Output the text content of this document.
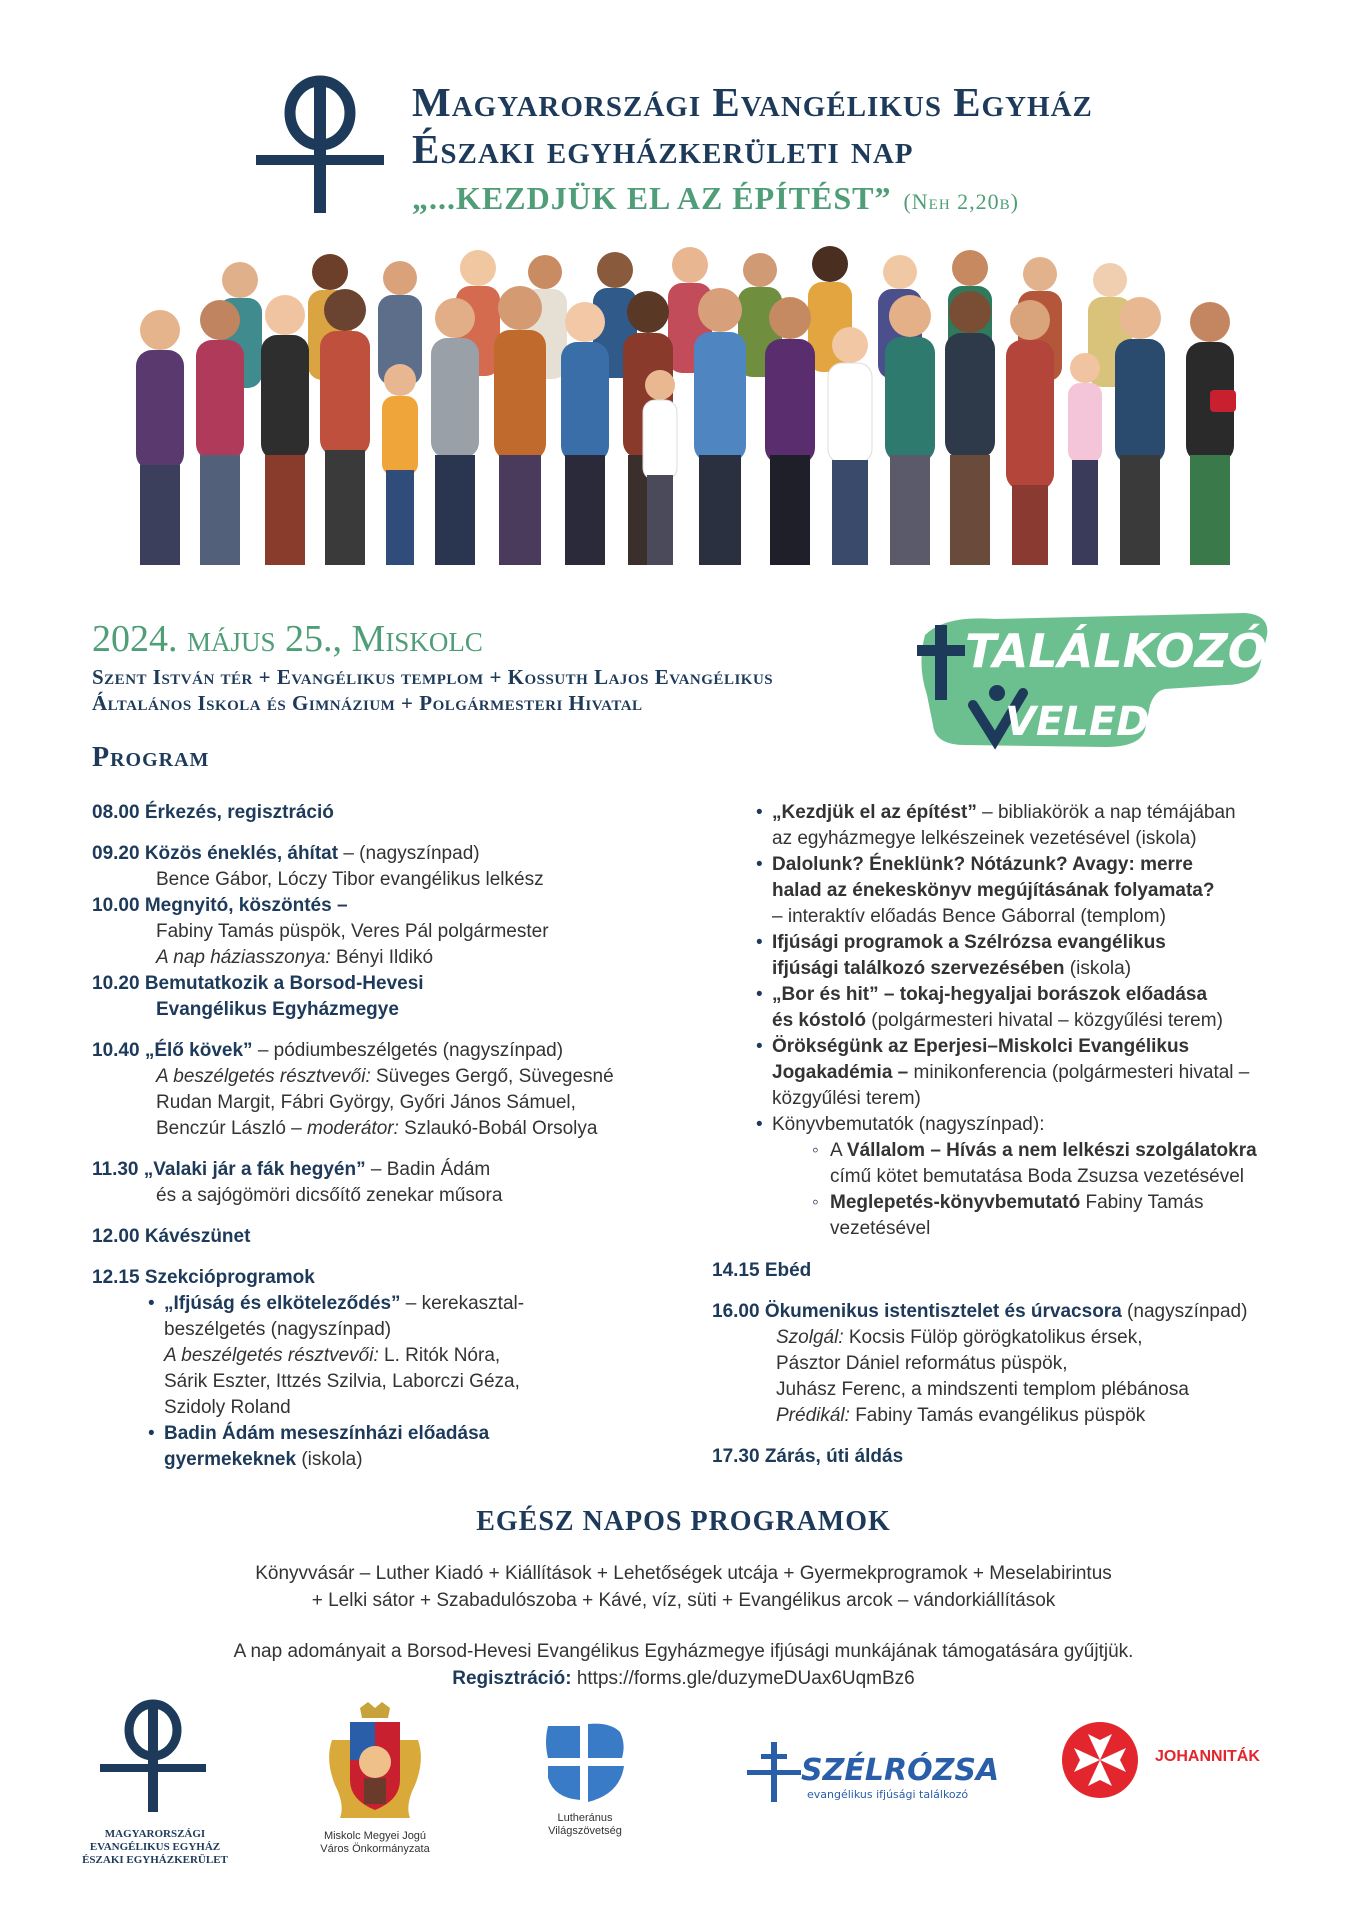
Magyarországi Evangélikus Egyház
Északi egyházkerületi nap
„...KEZDJÜK EL AZ ÉPÍTÉST” (Neh 2,20b)
2024. május 25., Miskolc
Szent István tér + Evangélikus templom + Kossuth Lajos Evangélikus
Általános Iskola és Gimnázium + Polgármesteri Hivatal
TALÁLKOZÓ
VELED
Program
08.00 Érkezés, regisztráció
09.20 Közös éneklés, áhítat – (nagyszínpad)
Bence Gábor, Lóczy Tibor evangélikus lelkész
10.00 Megnyitó, köszöntés –
Fabiny Tamás püspök, Veres Pál polgármester
A nap háziasszonya: Bényi Ildikó
10.20 Bemutatkozik a Borsod-Hevesi
Evangélikus Egyházmegye
10.40 „Élő kövek” – pódiumbeszélgetés (nagyszínpad)
A beszélgetés résztvevői: Süveges Gergő, Süvegesné
Rudan Margit, Fábri György, Győri János Sámuel,
Benczúr László – moderátor: Szlaukó-Bobál Orsolya
11.30 „Valaki jár a fák hegyén” – Badin Ádám
és a sajógömöri dicsőítő zenekar műsora
12.00 Kávészünet
12.15 Szekcióprogramok
• „Ifjúság és elköteleződés” – kerekasztal-
beszélgetés (nagyszínpad)
A beszélgetés résztvevői: L. Ritók Nóra,
Sárik Eszter, Ittzés Szilvia, Laborczi Géza,
Szidoly Roland
• Badin Ádám meseszínházi előadása
gyermekeknek (iskola)
• „Kezdjük el az építést” – bibliakörök a nap témájában
az egyházmegye lelkészeinek vezetésével (iskola)
• Dalolunk? Éneklünk? Nótázunk? Avagy: merre
halad az énekeskönyv megújításának folyamata?
– interaktív előadás Bence Gáborral (templom)
• Ifjúsági programok a Szélrózsa evangélikus
ifjúsági találkozó szervezésében (iskola)
• „Bor és hit” – tokaj-hegyaljai borászok előadása
és kóstoló (polgármesteri hivatal – közgyűlési terem)
• Örökségünk az Eperjesi–Miskolci Evangélikus
Jogakadémia – minikonferencia (polgármesteri hivatal –
közgyűlési terem)
• Könyvbemutatók (nagyszínpad):
◦ A Vállalom – Hívás a nem lelkészi szolgálatokra
című kötet bemutatása Boda Zsuzsa vezetésével
◦ Meglepetés-könyvbemutató Fabiny Tamás
vezetésével
14.15 Ebéd
16.00 Ökumenikus istentisztelet és úrvacsora (nagyszínpad)
Szolgál: Kocsis Fülöp görögkatolikus érsek,
Pásztor Dániel református püspök,
Juhász Ferenc, a mindszenti templom plébánosa
Prédikál: Fabiny Tamás evangélikus püspök
17.30 Zárás, úti áldás
EGÉSZ NAPOS PROGRAMOK
Könyvvásár – Luther Kiadó + Kiállítások + Lehetőségek utcája + Gyermekprogramok + Meselabirintus
+ Lelki sátor + Szabadulószoba + Kávé, víz, süti + Evangélikus arcok – vándorkiállítások
A nap adományait a Borsod-Hevesi Evangélikus Egyházmegye ifjúsági munkájának támogatására gyűjtjük.
Regisztráció: https://forms.gle/duzymeDUax6UqmBz6
MAGYARORSZÁGI
EVANGÉLIKUS EGYHÁZ
ÉSZAKI EGYHÁZKERÜLET
Miskolc Megyei Jogú
Város Önkormányzata
Lutheránus
Világszövetség
SZÉLRÓZSA
evangélikus ifjúsági találkozó
JOHANNITÁK
